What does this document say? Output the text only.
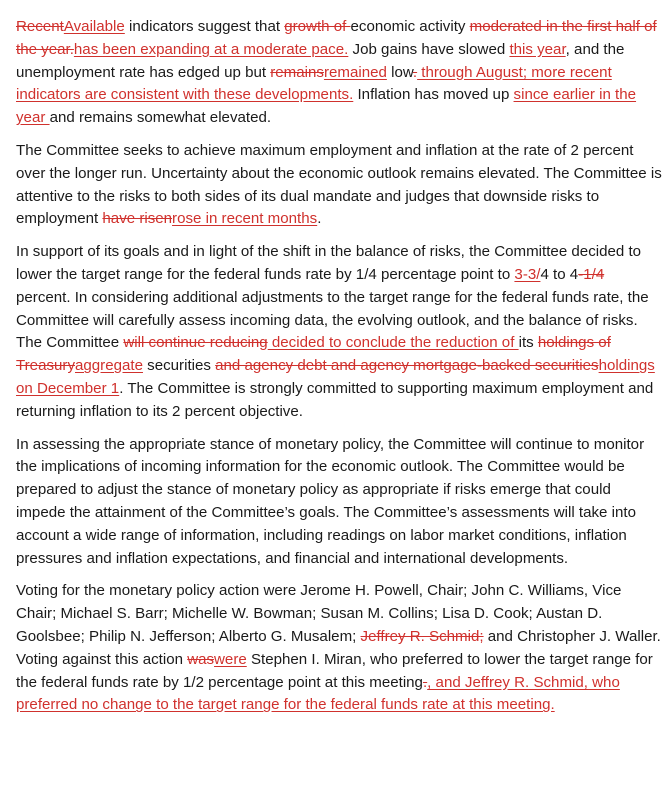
RecentAvailable indicators suggest that growth of economic activity moderated in the first half of the year.has been expanding at a moderate pace. Job gains have slowed this year, and the unemployment rate has edged up but remainsremained low. through August; more recent indicators are consistent with these developments. Inflation has moved up since earlier in the year and remains somewhat elevated.

The Committee seeks to achieve maximum employment and inflation at the rate of 2 percent over the longer run. Uncertainty about the economic outlook remains elevated. The Committee is attentive to the risks to both sides of its dual mandate and judges that downside risks to employment have risenrose in recent months.

In support of its goals and in light of the shift in the balance of risks, the Committee decided to lower the target range for the federal funds rate by 1/4 percentage point to 3-3/4 to 4-1/4 percent. In considering additional adjustments to the target range for the federal funds rate, the Committee will carefully assess incoming data, the evolving outlook, and the balance of risks. The Committee will continue reducing decided to conclude the reduction of its holdings of Treasuryaggregate securities and agency debt and agency mortgage-backed securitiesholdings on December 1. The Committee is strongly committed to supporting maximum employment and returning inflation to its 2 percent objective.

In assessing the appropriate stance of monetary policy, the Committee will continue to monitor the implications of incoming information for the economic outlook. The Committee would be prepared to adjust the stance of monetary policy as appropriate if risks emerge that could impede the attainment of the Committee’s goals. The Committee’s assessments will take into account a wide range of information, including readings on labor market conditions, inflation pressures and inflation expectations, and financial and international developments.

Voting for the monetary policy action were Jerome H. Powell, Chair; John C. Williams, Vice Chair; Michael S. Barr; Michelle W. Bowman; Susan M. Collins; Lisa D. Cook; Austan D. Goolsbee; Philip N. Jefferson; Alberto G. Musalem; Jeffrey R. Schmid; and Christopher J. Waller. Voting against this action waswere Stephen I. Miran, who preferred to lower the target range for the federal funds rate by 1/2 percentage point at this meeting., and Jeffrey R. Schmid, who preferred no change to the target range for the federal funds rate at this meeting.
